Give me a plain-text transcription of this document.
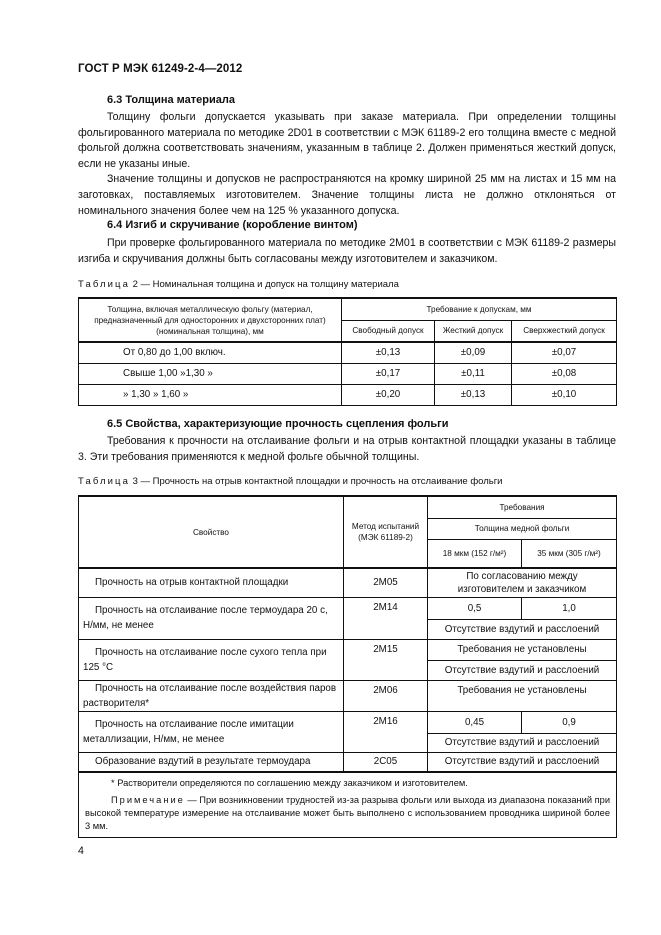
ГОСТ Р МЭК 61249-2-4—2012
6.3 Толщина материала

Толщину фольги допускается указывать при заказе материала. При определении толщины фольгированного материала по методике 2D01 в соответствии с МЭК 61189-2 его толщина вместе с медной фольгой должна соответствовать значениям, указанным в таблице 2. Должен применяться жесткий допуск, если не указаны иные.

Значение толщины и допусков не распространяются на кромку шириной 25 мм на листах и 15 мм на заготовках, поставляемых изготовителем. Значение толщины листа не должно отклоняться от номинального значения более чем на 125 % указанного допуска.

6.4 Изгиб и скручивание (коробление винтом)

При проверке фольгированного материала по методике 2М01 в соответствии с МЭК 61189-2 размеры изгиба и скручивания должны быть согласованы между изготовителем и заказчиком.

Таблица 2 — Номинальная толщина и допуск на толщину материала
Толщина, включая металлическую фольгу (материал, предназначенный для односторонних и двухсторонних плат) (номинальная толщина), мм	Требование к допускам, мм		
	Свободный допуск	Жесткий допуск	Сверхжесткий допуск
От 0,80 до 1,00 включ.	±0,13	±0,09	±0,07
Свыше 1,00 »1,30 »	±0,17	±0,11	±0,08
» 1,30 » 1,60 »	±0,20	±0,13	±0,10
6.5 Свойства, характеризующие прочность сцепления фольги

Требования к прочности на отслаивание фольги и на отрыв контактной площадки указаны в таблице 3. Эти требования применяются к медной фольге обычной толщины.

Таблица 3 — Прочность на отрыв контактной площадки и прочность на отслаивание фольги
Свойство	Метод испытаний (МЭК 61189-2)	Требования	
		Толщина медной фольги	
		18 мкм (152 г/м²)	35 мкм (305 г/м²)
Прочность на отрыв контактной площадки	2М05	По согласованию между изготовителем и заказчиком	
Прочность на отслаивание после термоудара 20 с, Н/мм, не менее	2М14	0,5	1,0
		Отсутствие вздутий и расслоений	
Прочность на отслаивание после сухого тепла при 125 °С	2М15	Требования не установлены	
		Отсутствие вздутий и расслоений	
Прочность на отслаивание после воздействия паров растворителя*	2М06	Требования не установлены	
Прочность на отслаивание после имитации металлизации, Н/мм, не менее	2М16	0,45	0,9
		Отсутствие вздутий и расслоений	
Образование вздутий в результате термоудара	2С05	Отсутствие вздутий и расслоений	

* Растворители определяются по соглашению между заказчиком и изготовителем.

Примечание — При возникновении трудностей из-за разрыва фольги или выхода из диапазона показаний при высокой температуре измерение на отслаивание может быть выполнено с использованием проводника шириной более 3 мм.			

4
